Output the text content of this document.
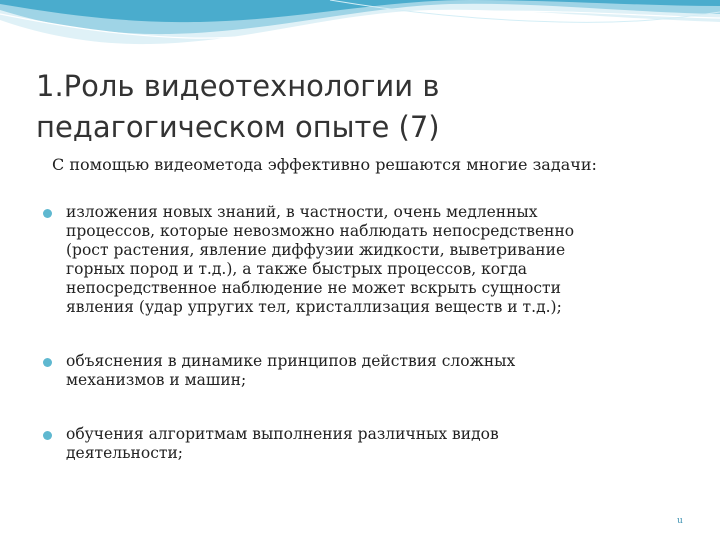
1.Роль видеотехнологии в
педагогическом опыте (7)
С помощью видеометода эффективно решаются многие задачи:
изложения новых знаний, в частности, очень медленных
процессов, которые невозможно наблюдать непосредственно
(рост растения, явление диффузии жидкости, выветривание
горных пород и т.д.), а также быстрых процессов, когда
непосредственное наблюдение не может вскрыть сущности
явления (удар упругих тел, кристаллизация веществ и т.д.);
объяснения в динамике принципов действия сложных
механизмов и машин;
обучения алгоритмам выполнения различных видов
деятельности;
u
